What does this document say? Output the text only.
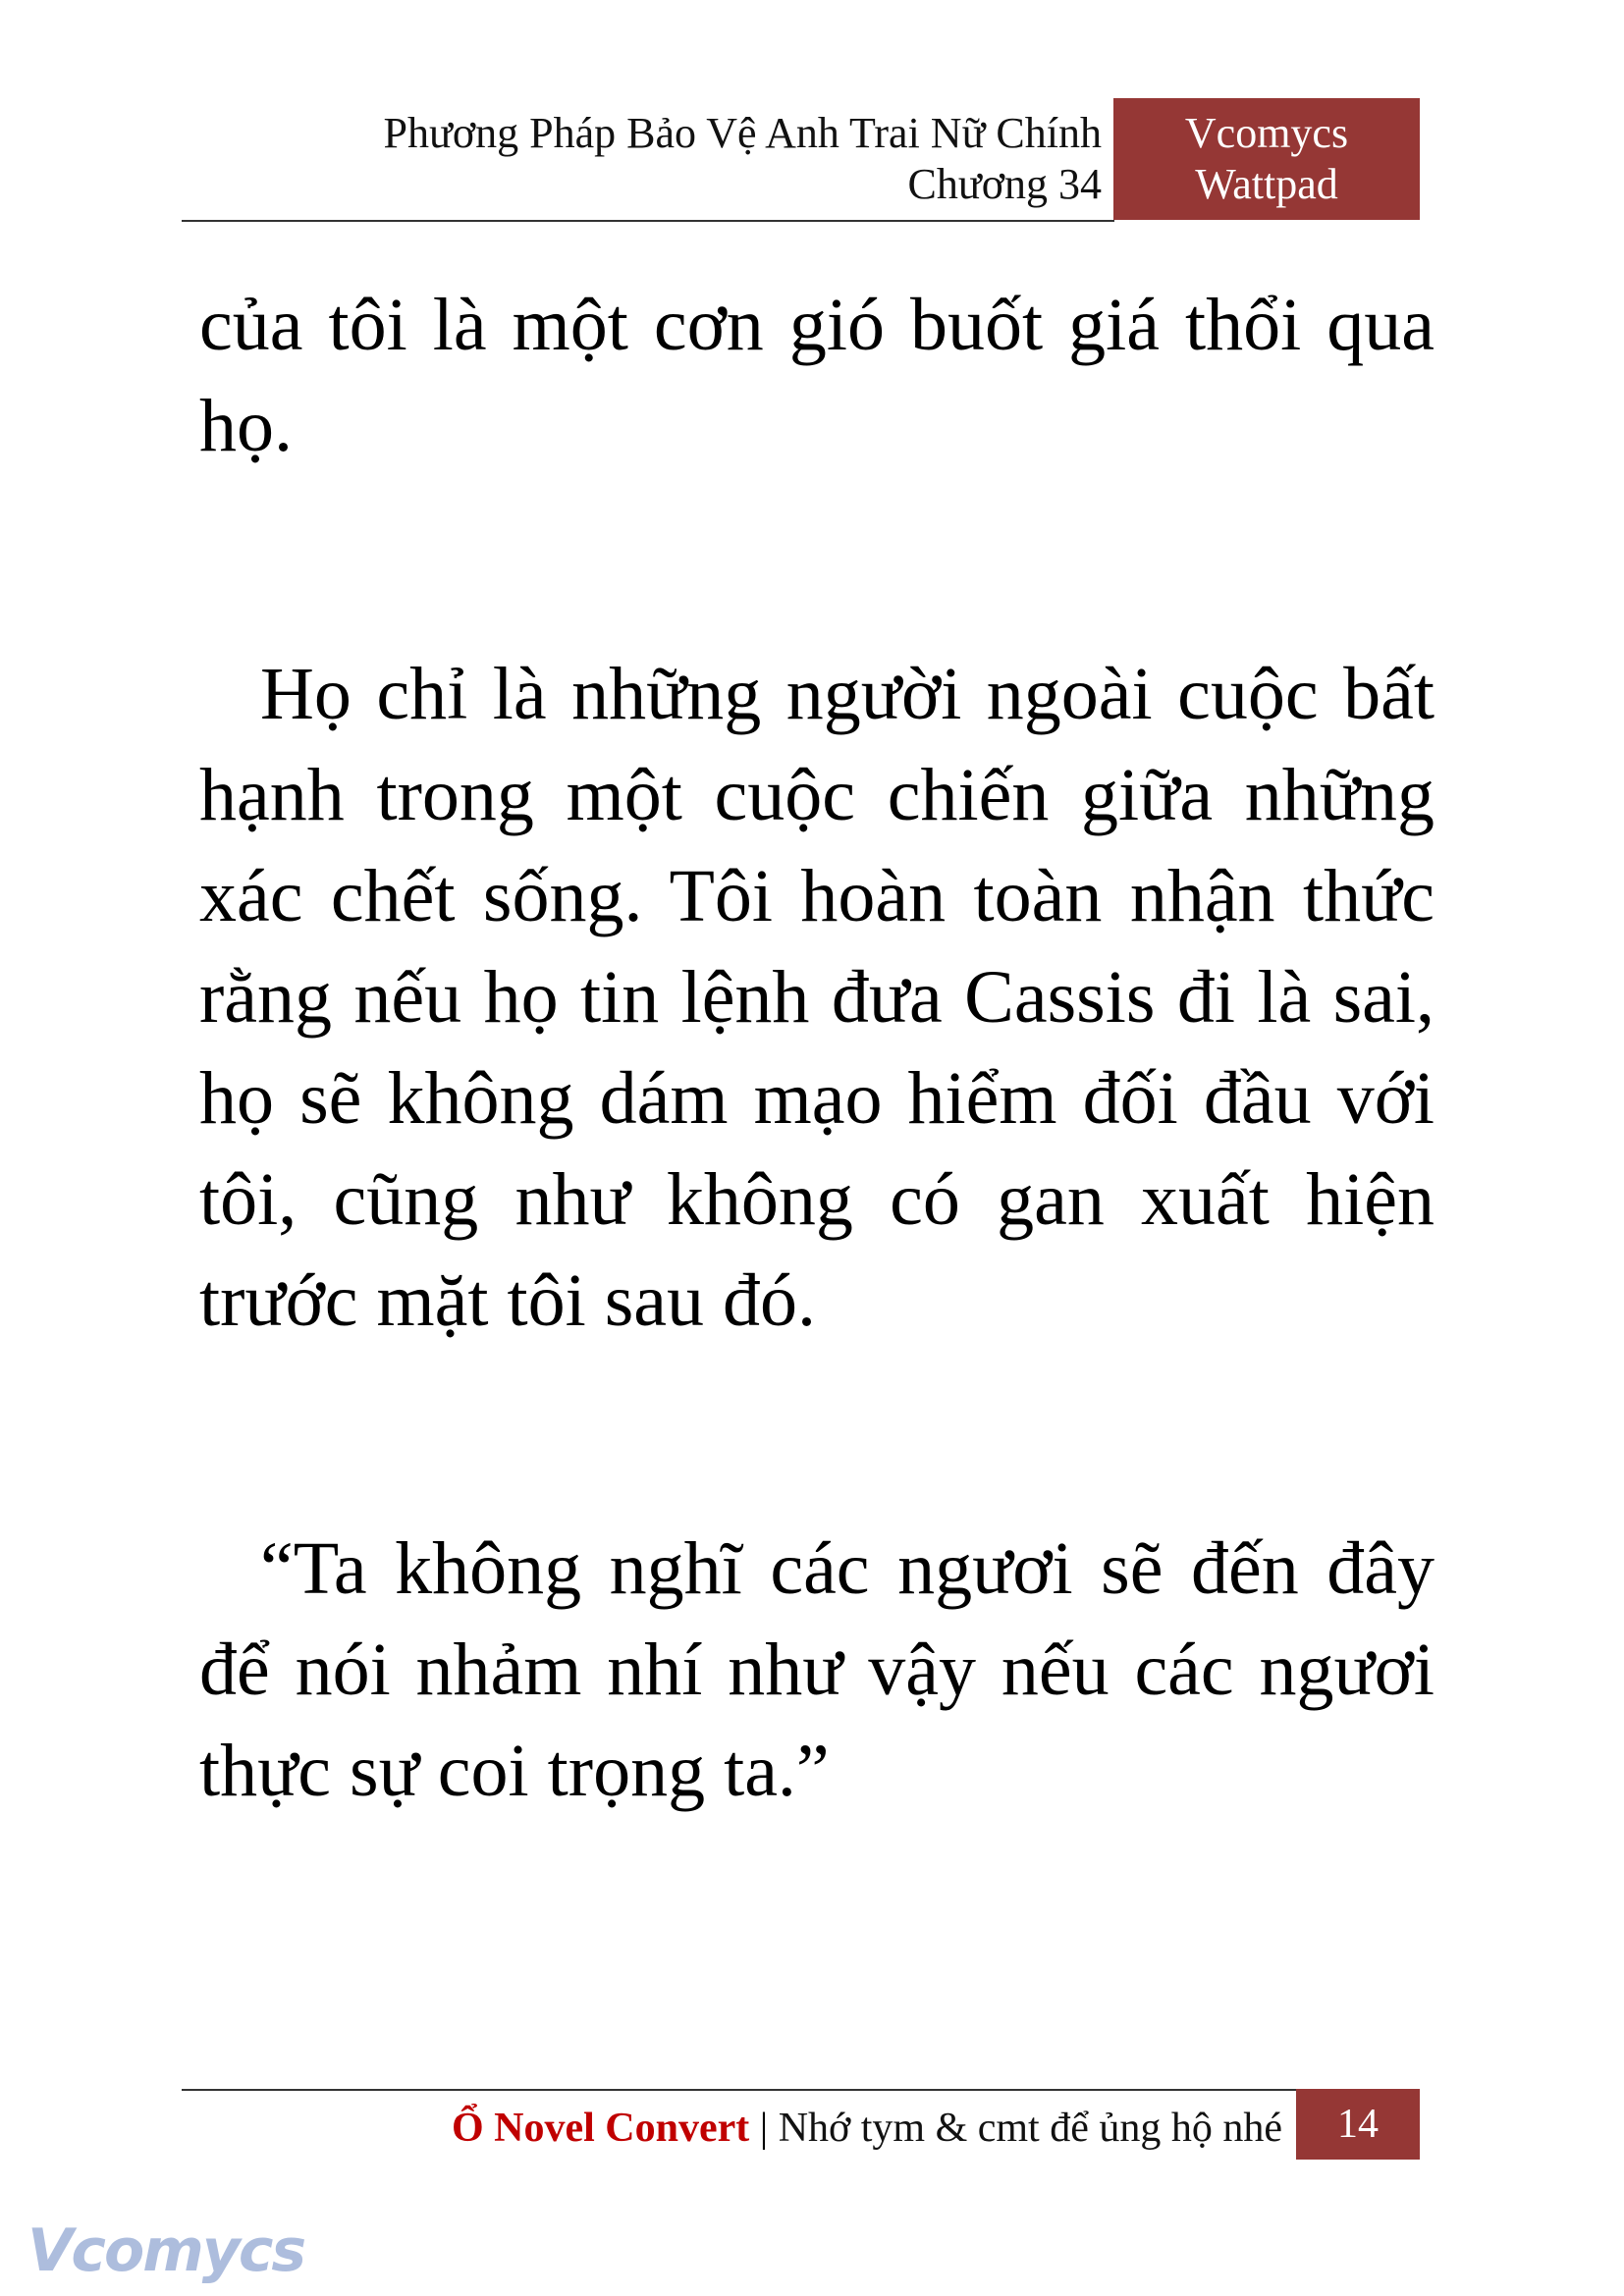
Phương Pháp Bảo Vệ Anh Trai Nữ Chính
Chương 34
Vcomycs
Wattpad

của tôi là một cơn gió buốt giá thổi qua họ.

Họ chỉ là những người ngoài cuộc bất hạnh trong một cuộc chiến giữa những xác chết sống. Tôi hoàn toàn nhận thức rằng nếu họ tin lệnh đưa Cassis đi là sai, họ sẽ không dám mạo hiểm đối đầu với tôi, cũng như không có gan xuất hiện trước mặt tôi sau đó.

“Ta không nghĩ các ngươi sẽ đến đây để nói nhảm nhí như vậy nếu các ngươi thực sự coi trọng ta.”

Ổ Novel Convert | Nhớ tym & cmt để ủng hộ nhé	14
Vcomycs
